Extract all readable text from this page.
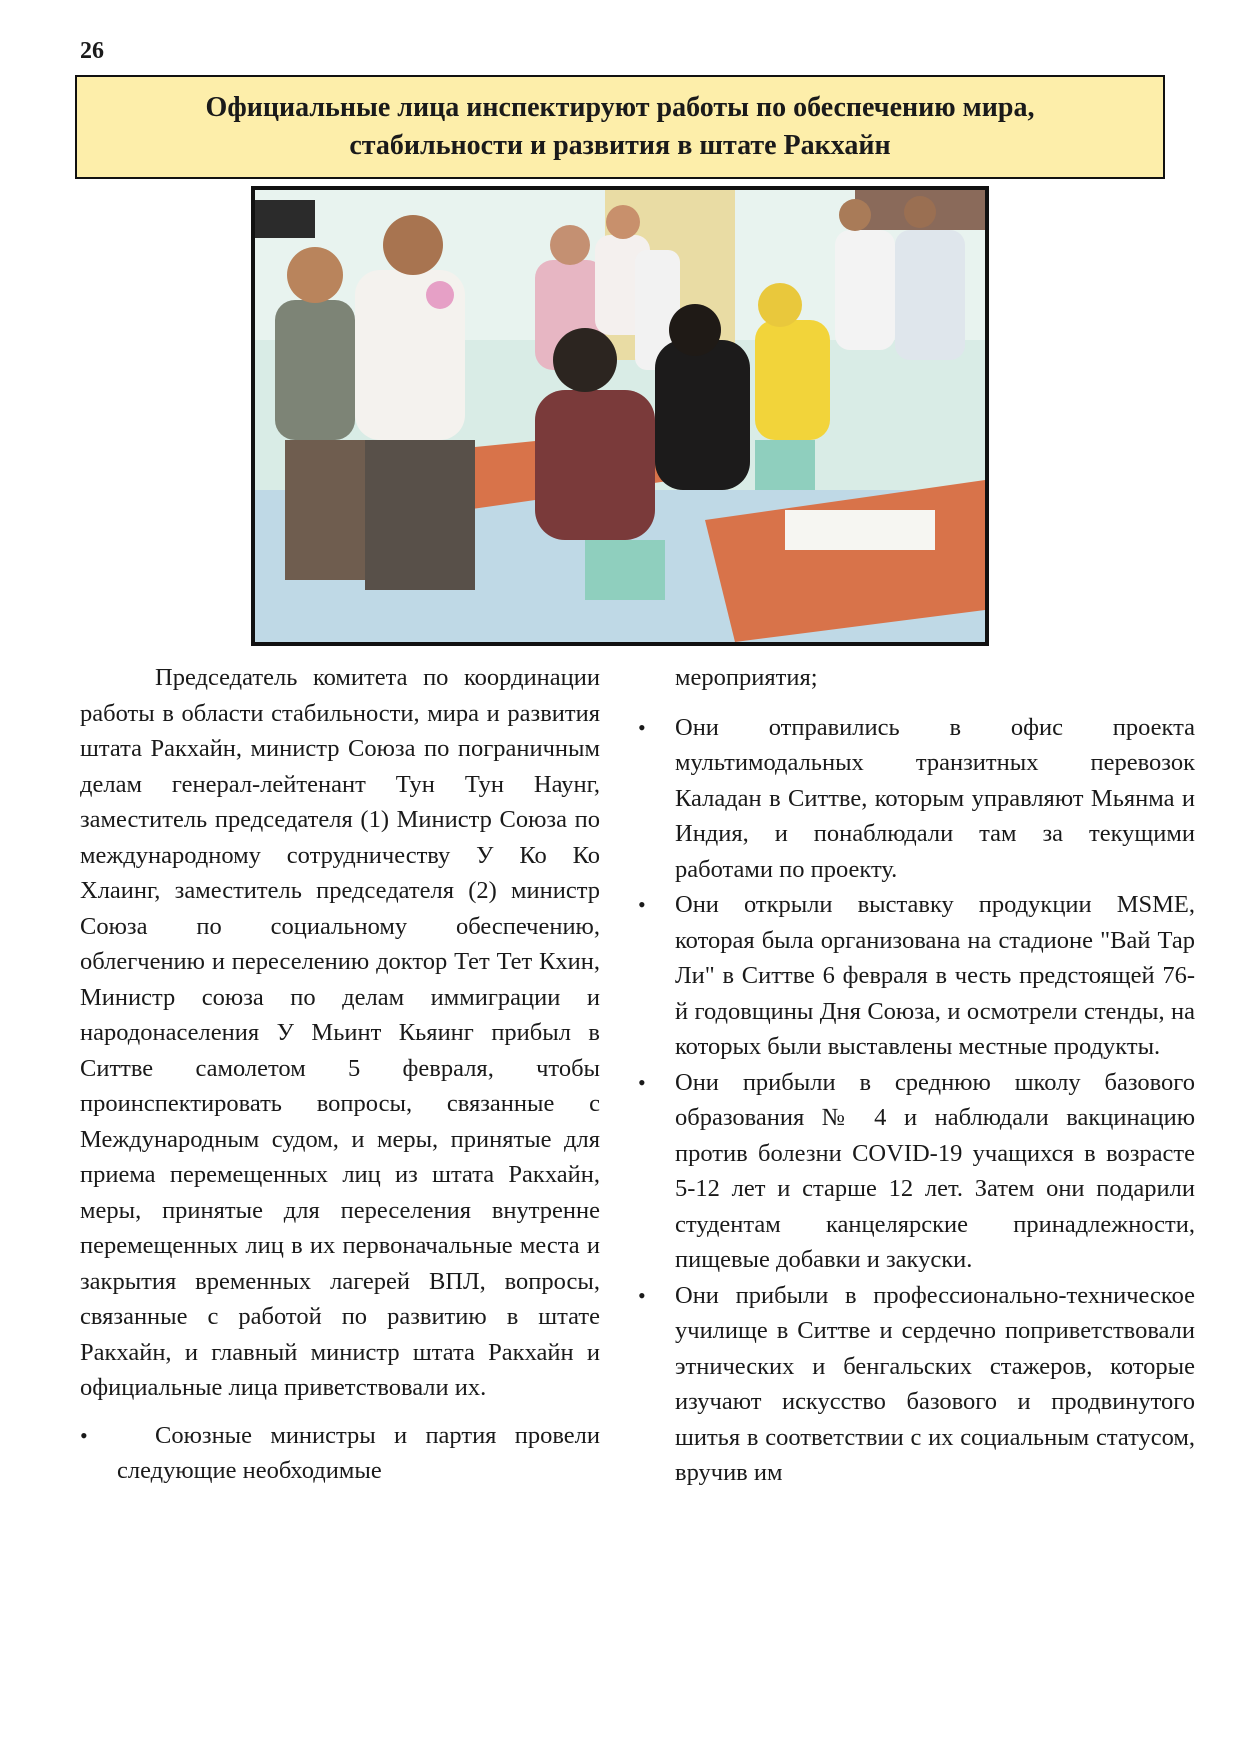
26
Официальные лица инспектируют работы по обеспечению мира,
стабильности и развития в штате Ракхайн

Председатель комитета по координации работы в области стабильности, мира и развития штата Ракхайн, министр Союза по пограничным делам генерал-лейтенант Тун Тун Наунг, заместитель председателя (1) Министр Союза по международному сотрудничеству У Ко Ко Хлаинг, заместитель председателя (2) министр Союза по социальному обеспечению, облегчению и переселению доктор Тет Тет Кхин, Министр союза по делам иммиграции и народонаселения У Мьинт Кьяинг прибыл в Ситтве самолетом 5 февраля, чтобы проинспектировать вопросы, связанные с Международным судом, и меры, принятые для приема перемещенных лиц из штата Ракхайн, меры, принятые для переселения внутренне перемещенных лиц в их первоначальные места и закрытия временных лагерей ВПЛ, вопросы, связанные с работой по развитию в штате Ракхайн, и главный министр штата Ракхайн и официальные лица приветствовали их.

•	Союзные министры и партия провели следующие необходимые

мероприятия;

• Они отправились в офис проекта мультимодальных транзитных перевозок Каладан в Ситтве, которым управляют Мьянма и Индия, и понаблюдали там за текущими работами по проекту.

• Они открыли выставку продукции MSME, которая была организована на стадионе "Вай Тар Ли" в Ситтве 6 февраля в честь предстоящей 76-й годовщины Дня Союза, и осмотрели стенды, на которых были выставлены местные продукты.

• Они прибыли в среднюю школу базового образования № 4 и наблюдали вакцинацию против болезни COVID-19 учащихся в возрасте 5-12 лет и старше 12 лет. Затем они подарили студентам канцелярские принадлежности, пищевые добавки и закуски.

• Они прибыли в профессионально-техническое училище в Ситтве и сердечно поприветствовали этнических и бенгальских стажеров, которые изучают искусство базового и продвинутого шитья в соответствии с их социальным статусом, вручив им
